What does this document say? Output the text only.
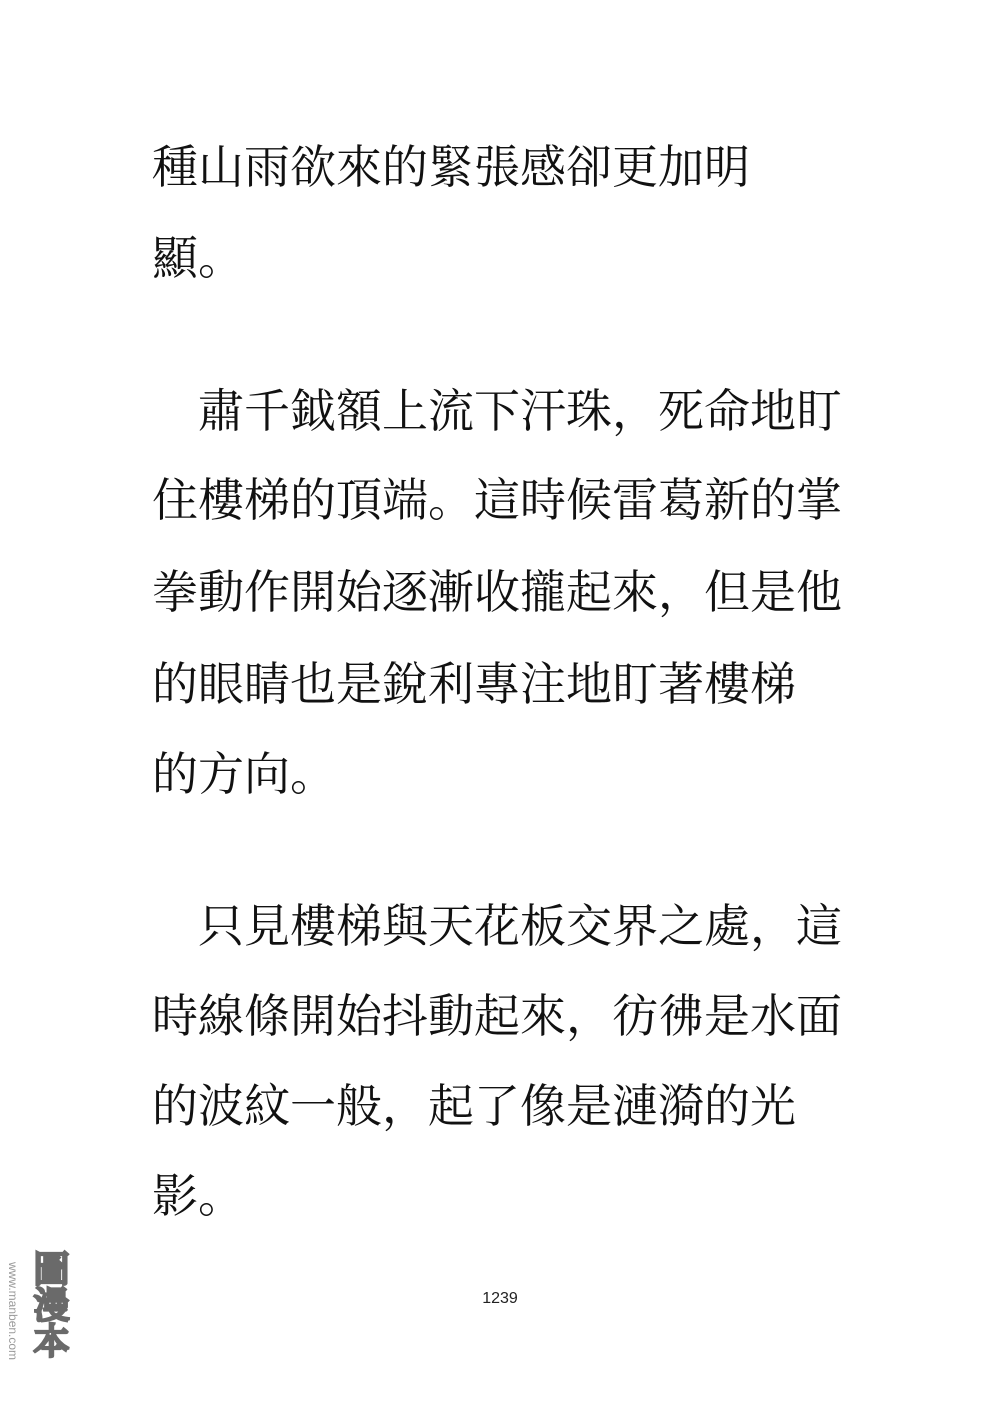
種山雨欲來的緊張感卻更加明
顯。
　肅千鉞額上流下汗珠，死命地盯
住樓梯的頂端。這時候雷葛新的掌
拳動作開始逐漸收攏起來，但是他
的眼睛也是銳利專注地盯著樓梯
的方向。
　只見樓梯與天花板交界之處，這
時線條開始抖動起來，彷彿是水面
的波紋一般，起了像是漣漪的光
影。
1239
www.manben.com 圖漫本
